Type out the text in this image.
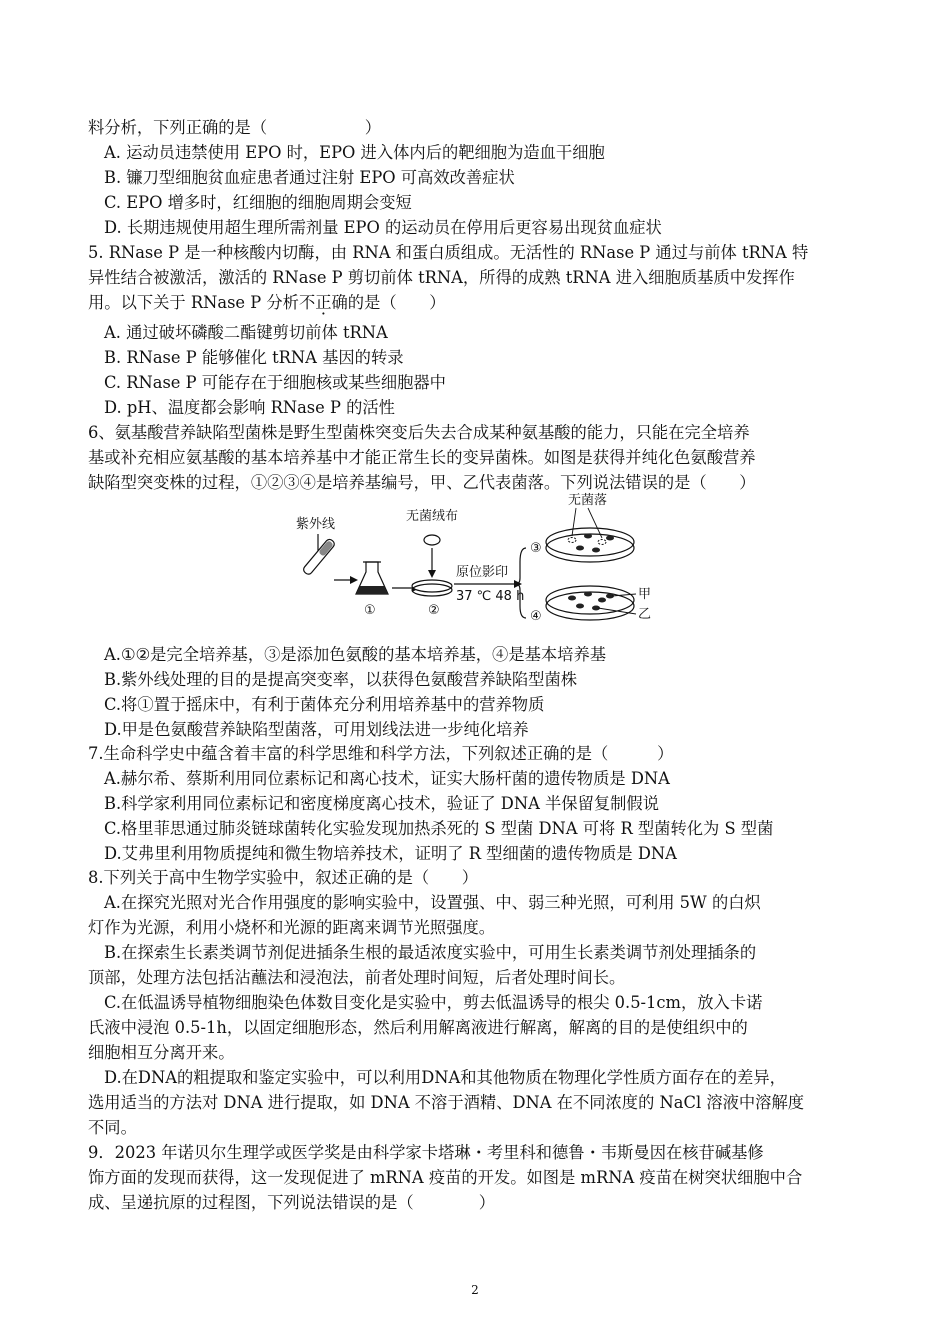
料分析，下列正确的是（　　　　　　）
A. 运动员违禁使用 EPO 时，EPO 进入体内后的靶细胞为造血干细胞
B. 镰刀型细胞贫血症患者通过注射 EPO 可高效改善症状
C. EPO 增多时，红细胞的细胞周期会变短
D. 长期违规使用超生理所需剂量 EPO 的运动员在停用后更容易出现贫血症状
5. RNase P 是一种核酸内切酶，由 RNA 和蛋白质组成。无活性的 RNase P 通过与前体 tRNA 特
异性结合被激活，激活的 RNase P 剪切前体 tRNA，所得的成熟 tRNA 进入细胞质基质中发挥作
用。以下关于 RNase P 分析不正确的是（　　）
A. 通过破坏磷酸二酯键剪切前体 tRNA
B. RNase P 能够催化 tRNA 基因的转录
C. RNase P 可能存在于细胞核或某些细胞器中
D. pH、温度都会影响 RNase P 的活性
6、氨基酸营养缺陷型菌株是野生型菌株突变后失去合成某种氨基酸的能力，只能在完全培养
基或补充相应氨基酸的基本培养基中才能正常生长的变异菌株。如图是获得并纯化色氨酸营养
缺陷型突变株的过程，①②③④是培养基编号，甲、乙代表菌落。下列说法错误的是（　　）
紫外线
①
无菌绒布
②
原位影印
37 ℃ 48 h
③
无菌落
④
甲
乙
A.①②是完全培养基，③是添加色氨酸的基本培养基，④是基本培养基
B.紫外线处理的目的是提高突变率，以获得色氨酸营养缺陷型菌株
C.将①置于摇床中，有利于菌体充分利用培养基中的营养物质
D.甲是色氨酸营养缺陷型菌落，可用划线法进一步纯化培养
7.生命科学史中蕴含着丰富的科学思维和科学方法，下列叙述正确的是（　　　）
A.赫尔希、蔡斯利用同位素标记和离心技术，证实大肠杆菌的遗传物质是 DNA
B.科学家利用同位素标记和密度梯度离心技术，验证了 DNA 半保留复制假说
C.格里菲思通过肺炎链球菌转化实验发现加热杀死的 S 型菌 DNA 可将 R 型菌转化为 S 型菌
D.艾弗里利用物质提纯和微生物培养技术，证明了 R 型细菌的遗传物质是 DNA
8.下列关于高中生物学实验中，叙述正确的是（　　）
A.在探究光照对光合作用强度的影响实验中，设置强、中、弱三种光照，可利用 5W 的白炽
灯作为光源，利用小烧杯和光源的距离来调节光照强度。
B.在探索生长素类调节剂促进插条生根的最适浓度实验中，可用生长素类调节剂处理插条的
顶部，处理方法包括沾蘸法和浸泡法，前者处理时间短，后者处理时间长。
C.在低温诱导植物细胞染色体数目变化是实验中，剪去低温诱导的根尖 0.5-1cm，放入卡诺
氏液中浸泡 0.5-1h，以固定细胞形态，然后利用解离液进行解离，解离的目的是使组织中的
细胞相互分离开来。
D.在DNA的粗提取和鉴定实验中，可以利用DNA和其他物质在物理化学性质方面存在的差异，
选用适当的方法对 DNA 进行提取，如 DNA 不溶于酒精、DNA 在不同浓度的 NaCl 溶液中溶解度
不同。
9．2023 年诺贝尔生理学或医学奖是由科学家卡塔琳・考里科和德鲁・韦斯曼因在核苷碱基修
饰方面的发现而获得，这一发现促进了 mRNA 疫苗的开发。如图是 mRNA 疫苗在树突状细胞中合
成、呈递抗原的过程图，下列说法错误的是（　　　　）
2
